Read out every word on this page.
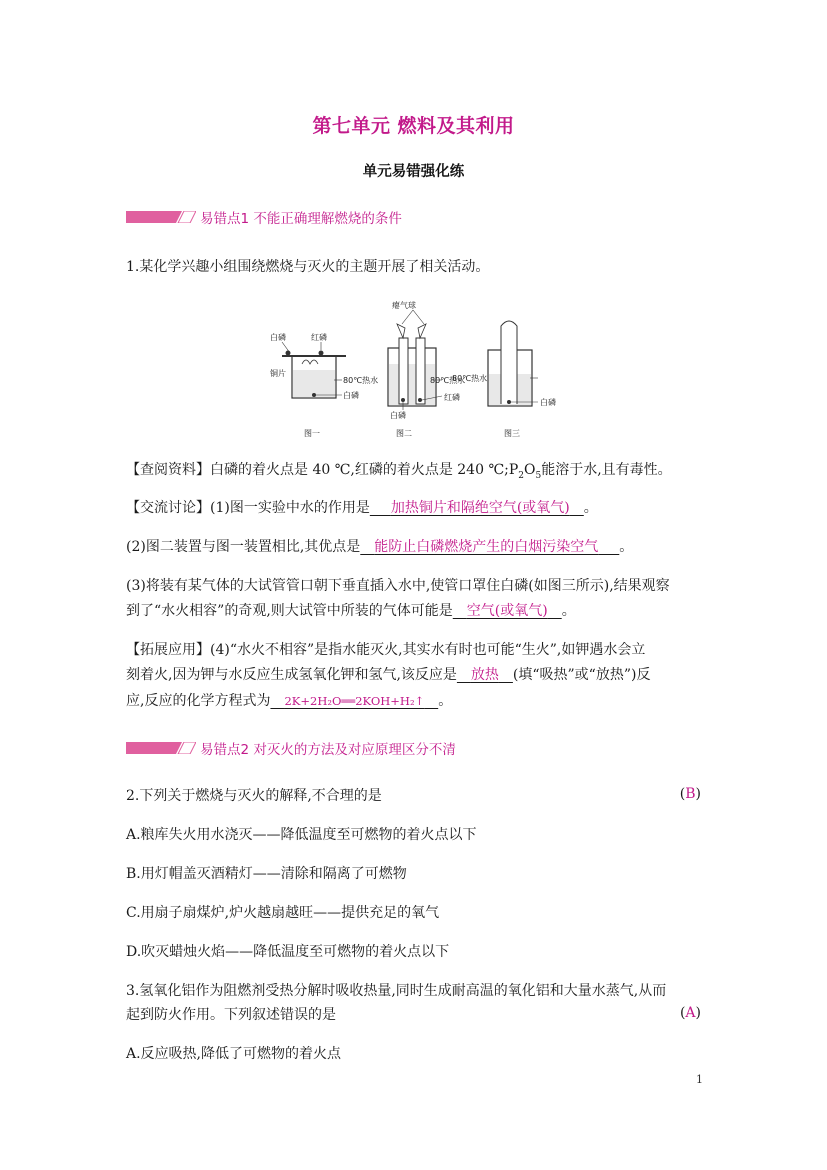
第七单元 燃料及其利用
单元易错强化练
易错点1 不能正确理解燃烧的条件
1.某化学兴趣小组围绕燃烧与灭火的主题开展了相关活动。
白磷	红磷
铜片
80℃热水
白磷
瘪气球
80℃热水
红磷
白磷
80℃热水
白磷
图一	图二	图三
【查阅资料】白磷的着火点是 40 ℃,红磷的着火点是 240 $℃;P_2O_5$能溶于水,且有毒性。
【交流讨论】(1)图一实验中水的作用是   加热铜片和隔绝空气(或氧气)  。
(2)图二装置与图一装置相比,其优点是  能防止白磷燃烧产生的白烟污染空气   。
(3)将装有某气体的大试管管口朝下垂直插入水中,使管口罩住白磷(如图三所示),结果观察
到了“水火相容”的奇观,则大试管中所装的气体可能是  空气(或氧气)  。
【拓展应用】(4)“水火不相容”是指水能灭火,其实水有时也可能“生火”,如钾遇水会立
刻着火,因为钾与水反应生成氢氧化钾和氢气,该反应是  放热  (填“吸热”或“放热”)反
应,反应的化学方程式为  2K+2H₂O══2KOH+H₂↑  。
易错点2 对灭火的方法及对应原理区分不清
2.下列关于燃烧与灭火的解释,不合理的是	(B)
A.粮库失火用水浇灭——降低温度至可燃物的着火点以下
B.用灯帽盖灭酒精灯——清除和隔离了可燃物
C.用扇子扇煤炉,炉火越扇越旺——提供充足的氧气
D.吹灭蜡烛火焰——降低温度至可燃物的着火点以下
3.氢氧化铝作为阻燃剂受热分解时吸收热量,同时生成耐高温的氧化铝和大量水蒸气,从而
起到防火作用。下列叙述错误的是	(A)
A.反应吸热,降低了可燃物的着火点
1
